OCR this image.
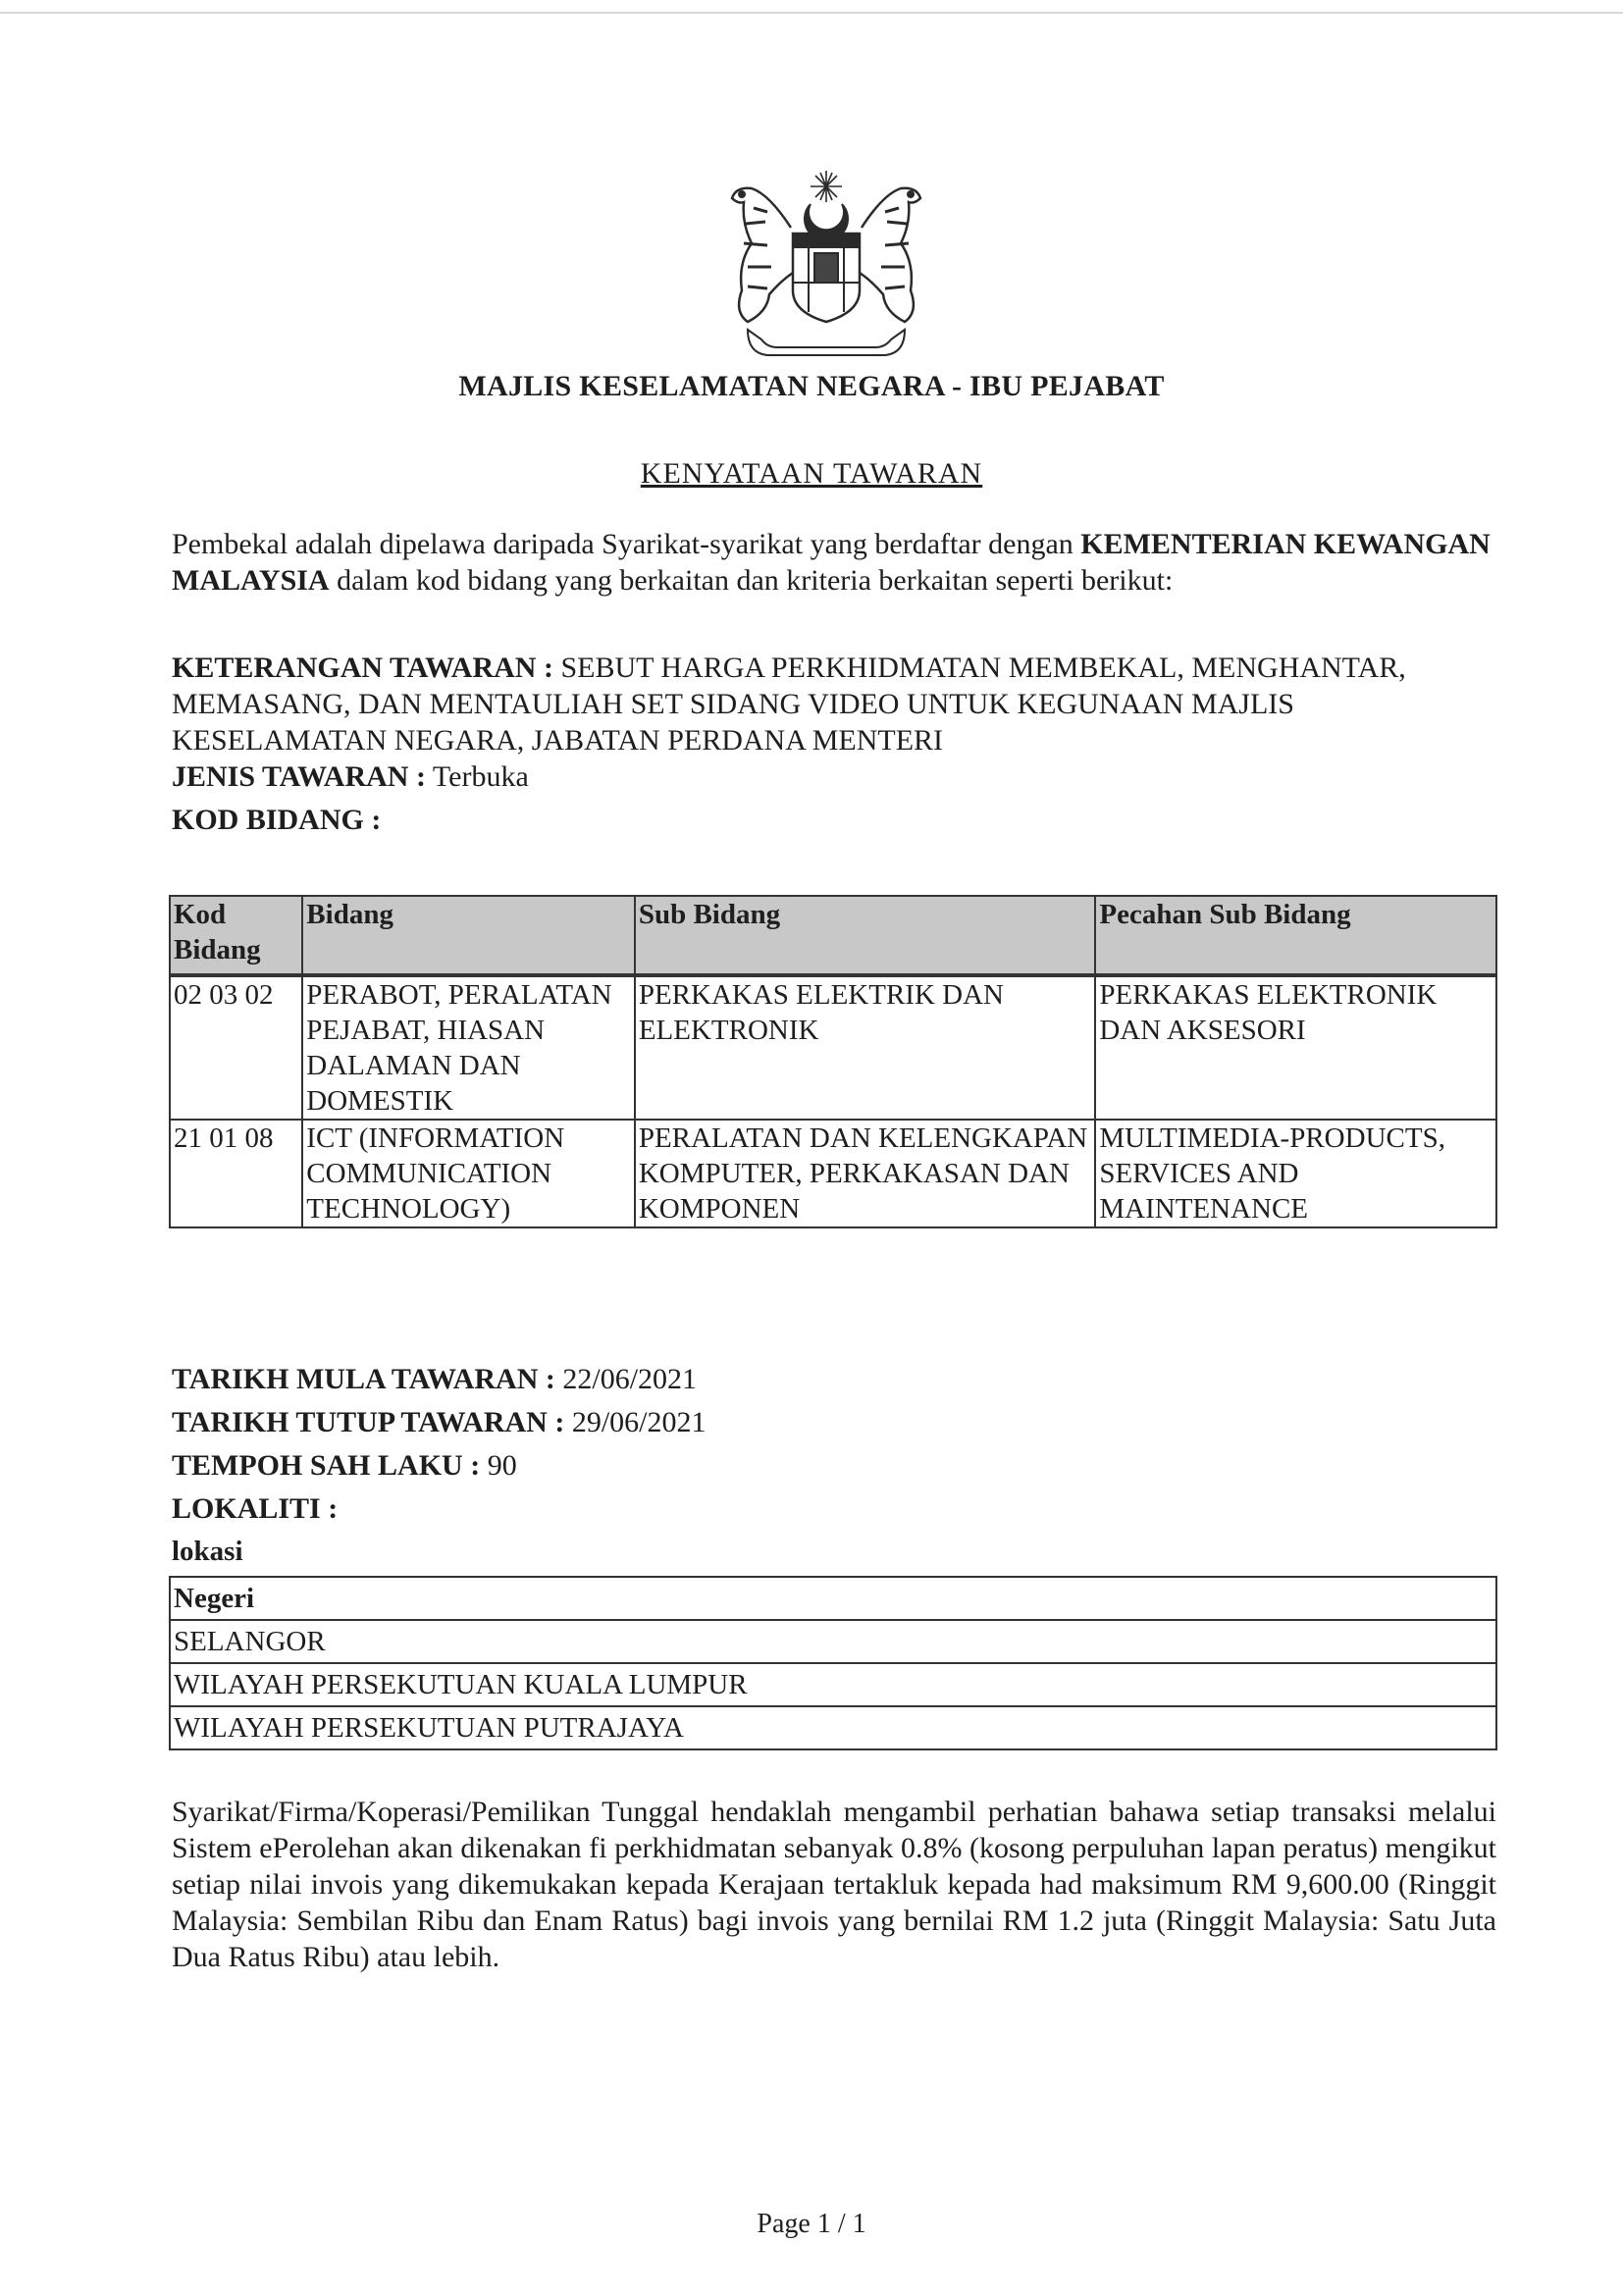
MAJLIS KESELAMATAN NEGARA - IBU PEJABAT
KENYATAAN TAWARAN
Pembekal adalah dipelawa daripada Syarikat-syarikat yang berdaftar dengan KEMENTERIAN KEWANGAN MALAYSIA dalam kod bidang yang berkaitan dan kriteria berkaitan seperti berikut:
KETERANGAN TAWARAN : SEBUT HARGA PERKHIDMATAN MEMBEKAL, MENGHANTAR, MEMASANG, DAN MENTAULIAH SET SIDANG VIDEO UNTUK KEGUNAAN MAJLIS KESELAMATAN NEGARA, JABATAN PERDANA MENTERI
JENIS TAWARAN : Terbuka
KOD BIDANG :
Kod Bidang	Bidang	Sub Bidang	Pecahan Sub Bidang
02 03 02	PERABOT, PERALATAN PEJABAT, HIASAN DALAMAN DAN DOMESTIK	PERKAKAS ELEKTRIK DAN ELEKTRONIK	PERKAKAS ELEKTRONIK DAN AKSESORI
21 01 08	ICT (INFORMATION COMMUNICATION TECHNOLOGY)	PERALATAN DAN KELENGKAPAN KOMPUTER, PERKAKASAN DAN KOMPONEN	MULTIMEDIA-PRODUCTS, SERVICES AND MAINTENANCE
TARIKH MULA TAWARAN : 22/06/2021
TARIKH TUTUP TAWARAN : 29/06/2021
TEMPOH SAH LAKU : 90
LOKALITI :
lokasi
Negeri
SELANGOR
WILAYAH PERSEKUTUAN KUALA LUMPUR
WILAYAH PERSEKUTUAN PUTRAJAYA
Syarikat/Firma/Koperasi/Pemilikan Tunggal hendaklah mengambil perhatian bahawa setiap transaksi melalui Sistem ePerolehan akan dikenakan fi perkhidmatan sebanyak 0.8% (kosong perpuluhan lapan peratus) mengikut setiap nilai invois yang dikemukakan kepada Kerajaan tertakluk kepada had maksimum RM 9,600.00 (Ringgit Malaysia: Sembilan Ribu dan Enam Ratus) bagi invois yang bernilai RM 1.2 juta (Ringgit Malaysia: Satu Juta Dua Ratus Ribu) atau lebih.
Page 1 / 1
